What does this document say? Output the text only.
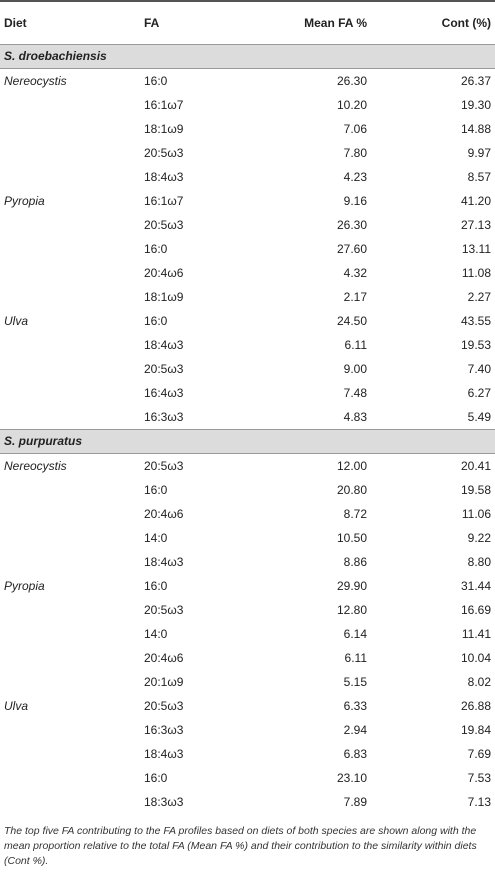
Diet	FA	Mean FA %	Cont (%)
S. droebachiensis			
Nereocystis	16:0	26.30	26.37
	16:1ω7	10.20	19.30
	18:1ω9	7.06	14.88
	20:5ω3	7.80	9.97
	18:4ω3	4.23	8.57
Pyropia	16:1ω7	9.16	41.20
	20:5ω3	26.30	27.13
	16:0	27.60	13.11
	20:4ω6	4.32	11.08
	18:1ω9	2.17	2.27
Ulva	16:0	24.50	43.55
	18:4ω3	6.11	19.53
	20:5ω3	9.00	7.40
	16:4ω3	7.48	6.27
	16:3ω3	4.83	5.49
S. purpuratus			
Nereocystis	20:5ω3	12.00	20.41
	16:0	20.80	19.58
	20:4ω6	8.72	11.06
	14:0	10.50	9.22
	18:4ω3	8.86	8.80
Pyropia	16:0	29.90	31.44
	20:5ω3	12.80	16.69
	14:0	6.14	11.41
	20:4ω6	6.11	10.04
	20:1ω9	5.15	8.02
Ulva	20:5ω3	6.33	26.88
	16:3ω3	2.94	19.84
	18:4ω3	6.83	7.69
	16:0	23.10	7.53
	18:3ω3	7.89	7.13

The top five FA contributing to the FA profiles based on diets of both species are shown along with the mean proportion relative to the total FA (Mean FA %) and their contribution to the similarity within diets (Cont %).
